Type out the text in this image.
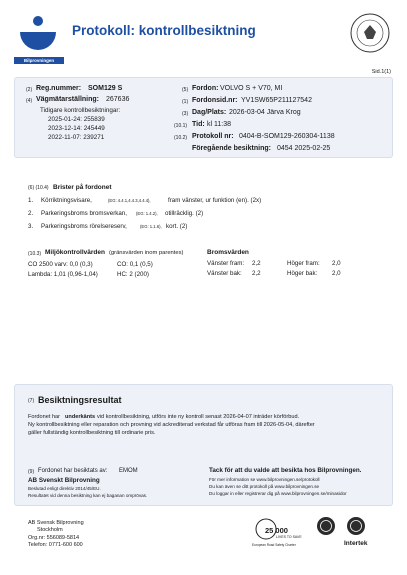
Bilprovningen
Protokoll: kontrollbesiktning
Sid.1(1)
(2) Reg.nummer: SOM129 S
(4) Vägmätarställning: 267636
Tidigare kontrollbesiktningar:
2025-01-24: 255839
2023-12-14: 245449
2022-11-07: 239271
(5) Fordon: VOLVO S + V70, MI
(1) Fordonsid.nr: YV1SW65P211127542
(3) Dag/Plats: 2026-03-04 Järva Krog
(10.1) Tid: kl 11:38
(10.2) Protokoll nr: 0404-B-SOM129-260304-1138
Föregående besiktning: 0454 2025-02-25
(6) (10.4) Brister på fordonet
1. Körriktningsvisare,	(EG: 4.4.1,4.4.3,4.4.4),	fram vänster, ur funktion (en). (2x)
2. Parkeringsbroms bromsverkan, (EG: 1.4.2), otillräcklig. (2)
3. Parkeringsbroms rörelsereserv,	(EG: 1.1.6), kort. (2)
(10.3) Miljökontrollvärden (gränsvärden inom parentes)
CO 2500 varv: 0,0 (0,3)	CO: 0,1 (0,5)
Lambda: 1,01 (0,96-1,04)	HC: 2 (200)
Bromsvärden
Vänster fram: 2,2	Höger fram: 2,0
Vänster bak: 2,2	Höger bak: 2,0
(7) Besiktningsresultat
Fordonet har underkänts vid kontrollbesiktning, utförs inte ny kontroll senast 2026-04-07 inträder körförbud.
Ny kontrollbesiktning eller reparation och provning vid ackrediterad verkstad får utföras fram till 2026-05-04, därefter
gäller fullständig kontrollbesiktning till ordinarie pris.
(9) Fordonet har besiktats av: EMOM
AB Svenskt Bilprovning
Beslutad enligt direktiv 2014/45/EU.
Resultatet vid denna besiktning kan ej baganan omprövas.
Tack för att du valde att besikta hos Bilprovningen.
För mer information se www.bilprovningen.se/protokoll
Du kan även se ditt protokoll på www.bilprovningen.se
Du loggar in eller registrerar dig på www.bilprovningen.se/minasidor
AB Svensk Bilprovning
Stockholm
Org.nr: 556089-5814
Telefon: 0771-600 600
25 000
LIVES TO SAVE
European Road Safety Charter	Intertek
